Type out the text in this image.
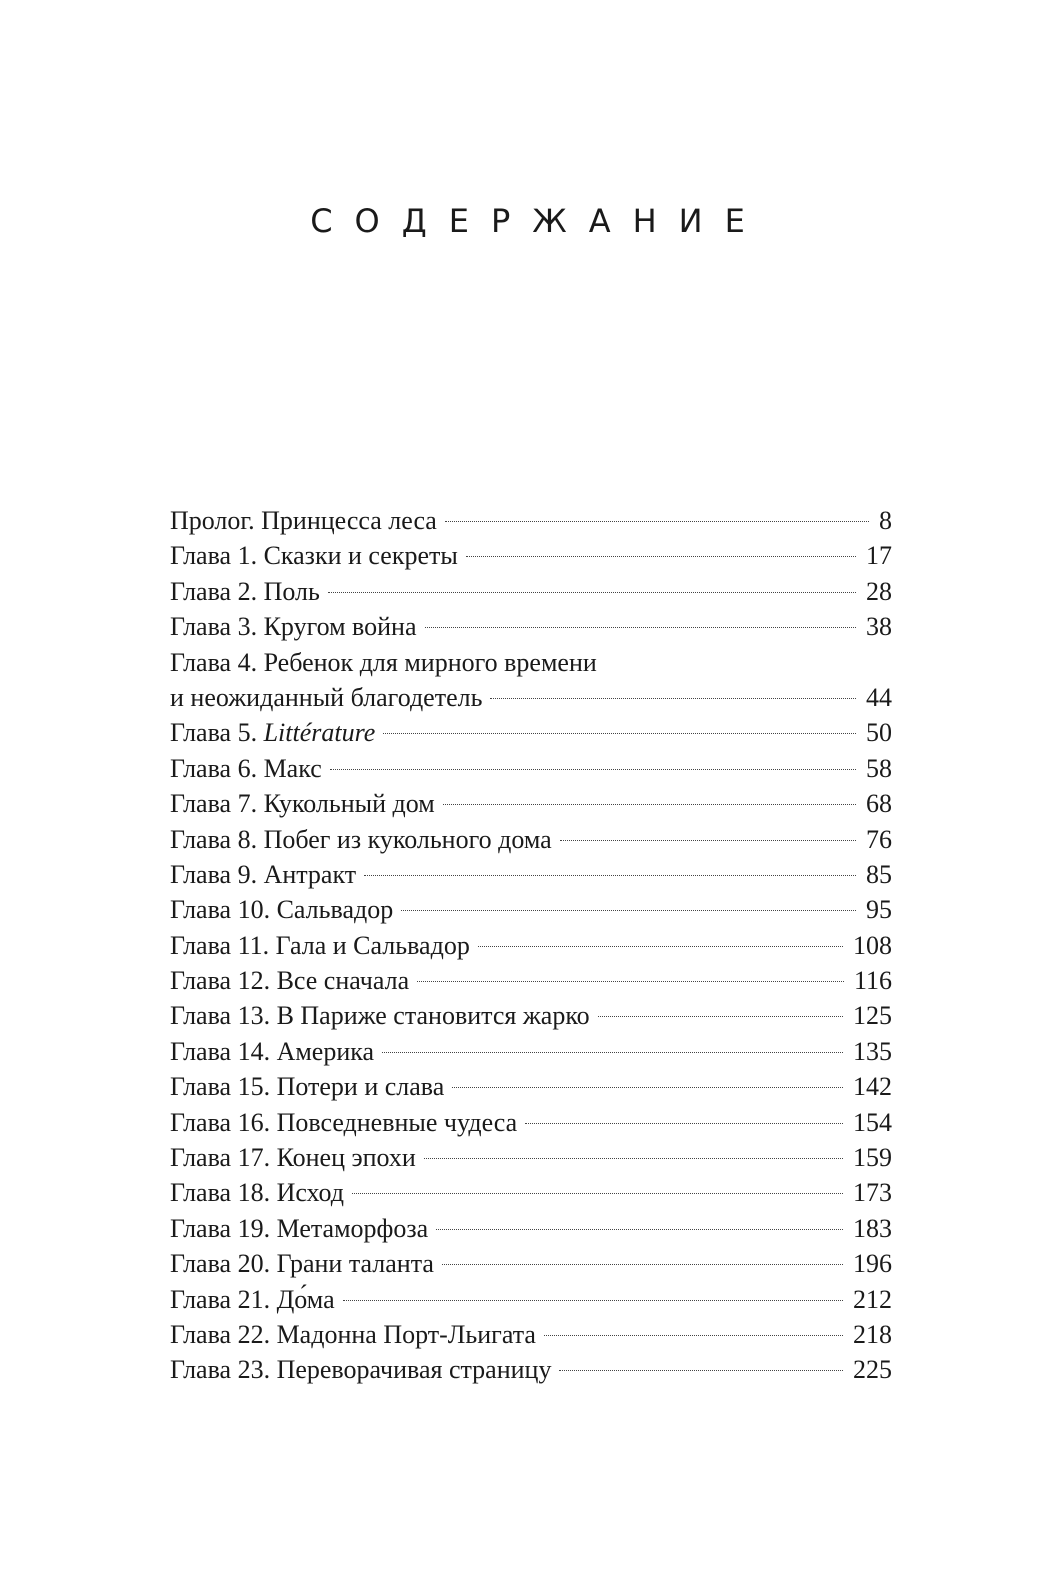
СОДЕРЖАНИЕ
Пролог. Принцесса леса	8
Глава 1. Сказки и секреты	17
Глава 2. Поль	28
Глава 3. Кругом война	38
Глава 4. Ребенок для мирного времени
и неожиданный благодетель	44
Глава 5. Littérature	50
Глава 6. Макс	58
Глава 7. Кукольный дом	68
Глава 8. Побег из кукольного дома	76
Глава 9. Антракт	85
Глава 10. Сальвадор	95
Глава 11. Гала и Сальвадор	108
Глава 12. Все сначала	116
Глава 13. В Париже становится жарко	125
Глава 14. Америка	135
Глава 15. Потери и слава	142
Глава 16. Повседневные чудеса	154
Глава 17. Конец эпохи	159
Глава 18. Исход	173
Глава 19. Метаморфоза	183
Глава 20. Грани таланта	196
Глава 21. До́ма	212
Глава 22. Мадонна Порт-Льигата	218
Глава 23. Переворачивая страницу	225
